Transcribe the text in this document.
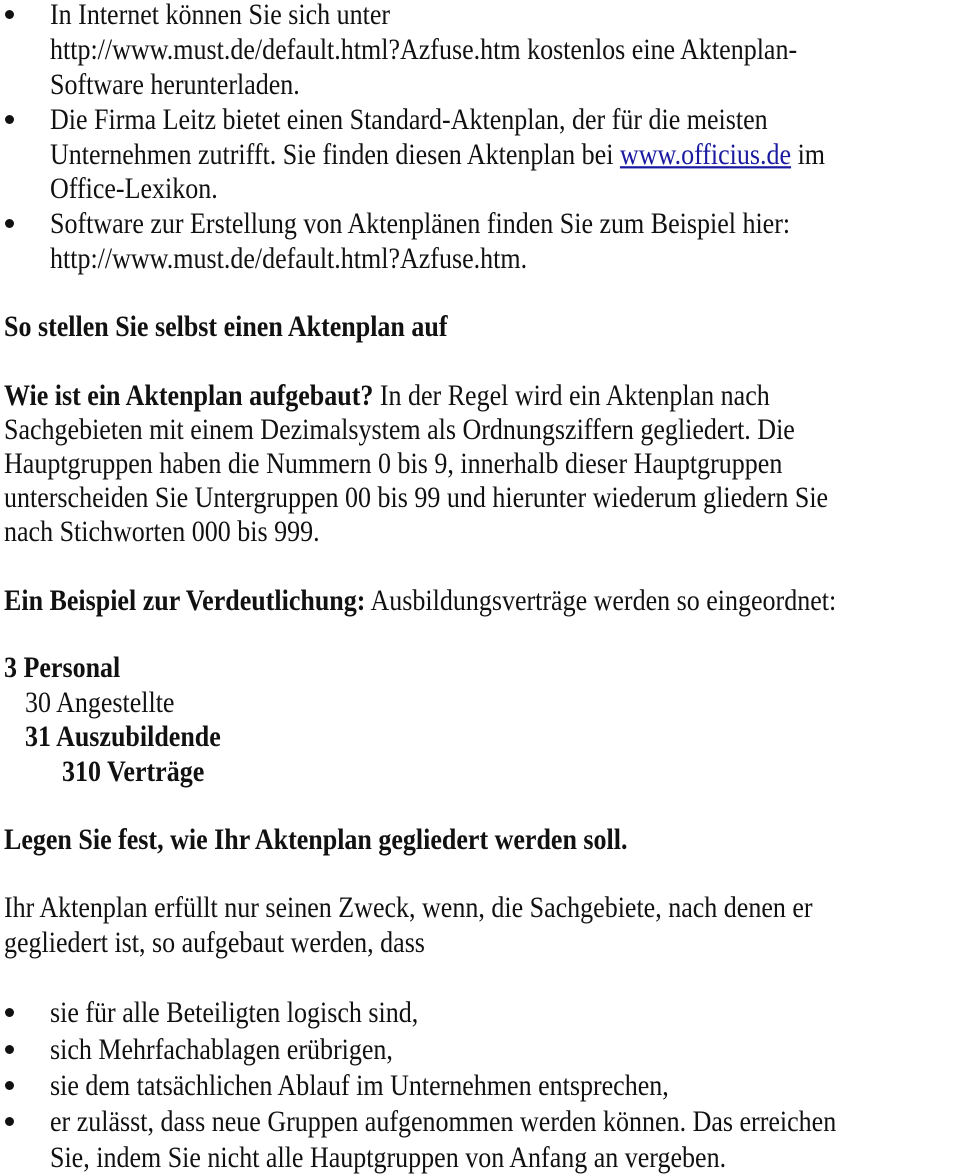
In Internet können Sie sich unter
http://www.must.de/default.html?Azfuse.htm kostenlos eine Aktenplan-
Software herunterladen.
Die Firma Leitz bietet einen Standard-Aktenplan, der für die meisten
Unternehmen zutrifft. Sie finden diesen Aktenplan bei www.officius.de im
Office-Lexikon.
Software zur Erstellung von Aktenplänen finden Sie zum Beispiel hier:
http://www.must.de/default.html?Azfuse.htm.
So stellen Sie selbst einen Aktenplan auf
Wie ist ein Aktenplan aufgebaut? In der Regel wird ein Aktenplan nach
Sachgebieten mit einem Dezimalsystem als Ordnungsziffern gegliedert. Die
Hauptgruppen haben die Nummern 0 bis 9, innerhalb dieser Hauptgruppen
unterscheiden Sie Untergruppen 00 bis 99 und hierunter wiederum gliedern Sie
nach Stichworten 000 bis 999.
Ein Beispiel zur Verdeutlichung: Ausbildungsverträge werden so eingeordnet:
3 Personal
30 Angestellte
31 Auszubildende
310 Verträge
Legen Sie fest, wie Ihr Aktenplan gegliedert werden soll.
Ihr Aktenplan erfüllt nur seinen Zweck, wenn, die Sachgebiete, nach denen er
gegliedert ist, so aufgebaut werden, dass
sie für alle Beteiligten logisch sind,
sich Mehrfachablagen erübrigen,
sie dem tatsächlichen Ablauf im Unternehmen entsprechen,
er zulässt, dass neue Gruppen aufgenommen werden können. Das erreichen
Sie, indem Sie nicht alle Hauptgruppen von Anfang an vergeben.
